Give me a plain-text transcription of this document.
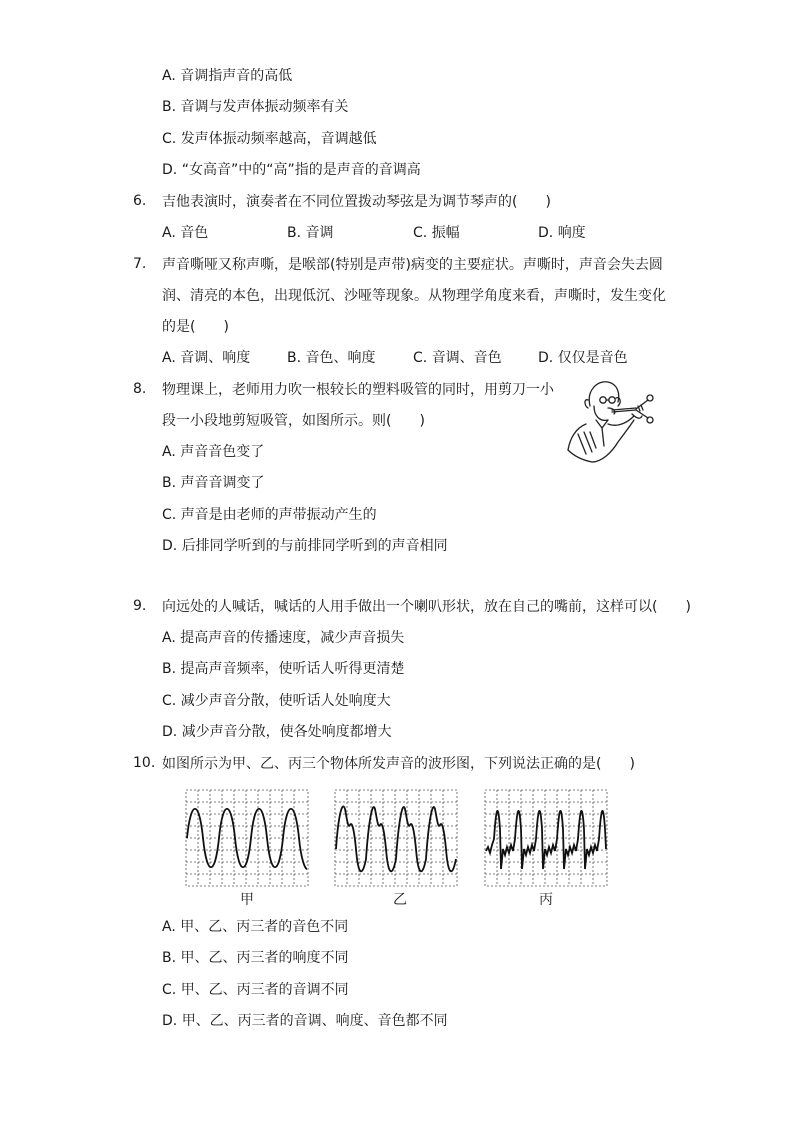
A. 音调指声音的高低
B. 音调与发声体振动频率有关
C. 发声体振动频率越高，音调越低
D. “女高音”中的“高”指的是声音的音调高
6.	吉他表演时，演奏者在不同位置拨动琴弦是为调节琴声的(　　)
A. 音色	B. 音调	C. 振幅	D. 响度
7.	声音嘶哑又称声嘶，是喉部(特别是声带)病变的主要症状。声嘶时，声音会失去圆
润、清亮的本色，出现低沉、沙哑等现象。从物理学角度来看，声嘶时，发生变化
的是(　　)
A. 音调、响度	B. 音色、响度	C. 音调、音色	D. 仅仅是音色
8.	物理课上，老师用力吹一根较长的塑料吸管的同时，用剪刀一小
段一小段地剪短吸管，如图所示。则(　　)
A. 声音音色变了
B. 声音音调变了
C. 声音是由老师的声带振动产生的
D. 后排同学听到的与前排同学听到的声音相同
9.	向远处的人喊话，喊话的人用手做出一个喇叭形状，放在自己的嘴前，这样可以(　　)
A. 提高声音的传播速度，减少声音损失
B. 提高声音频率，使听话人听得更清楚
C. 减少声音分散，使听话人处响度大
D. 减少声音分散，使各处响度都增大
10. 如图所示为甲、乙、丙三个物体所发声音的波形图，下列说法正确的是(　　)
甲	乙	丙
A. 甲、乙、丙三者的音色不同
B. 甲、乙、丙三者的响度不同
C. 甲、乙、丙三者的音调不同
D. 甲、乙、丙三者的音调、响度、音色都不同
